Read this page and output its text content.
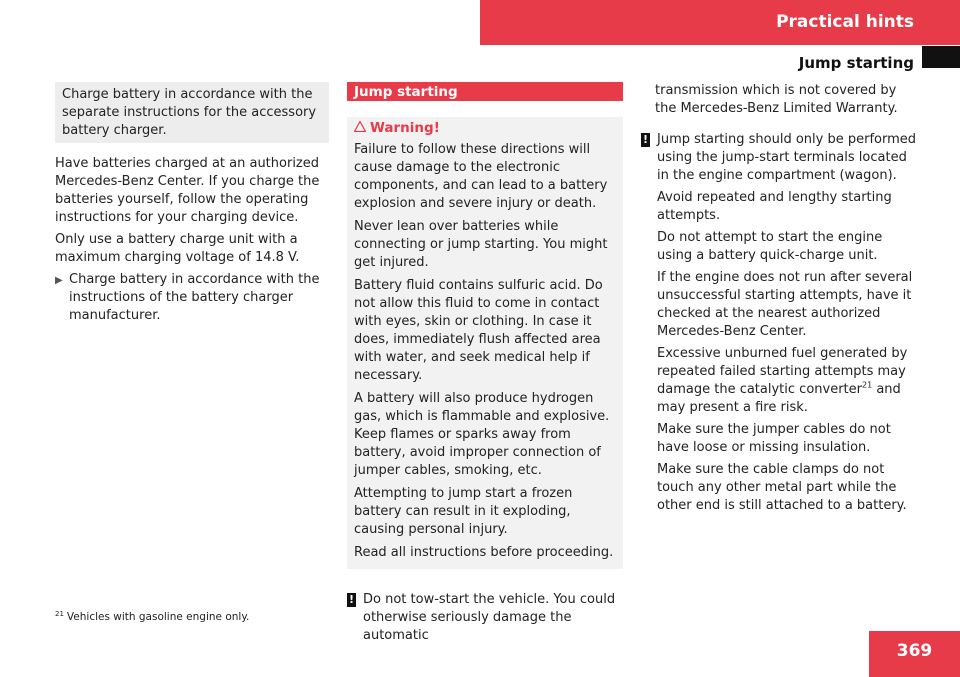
Practical hints
Jump starting
Charge battery in accordance with the separate instructions for the accessory battery charger.

Have batteries charged at an authorized Mercedes-Benz Center. If you charge the batteries yourself, follow the operating instructions for your charging device.

Only use a battery charge unit with a maximum charging voltage of 14.8 V.

▶ Charge battery in accordance with the instructions of the battery charger manufacturer.
Jump starting
Warning!

Failure to follow these directions will cause damage to the electronic components, and can lead to a battery explosion and severe injury or death.

Never lean over batteries while connecting or jump starting. You might get injured.

Battery fluid contains sulfuric acid. Do not allow this fluid to come in contact with eyes, skin or clothing. In case it does, immediately flush affected area with water, and seek medical help if necessary.

A battery will also produce hydrogen gas, which is flammable and explosive. Keep flames or sparks away from battery, avoid improper connection of jumper cables, smoking, etc.

Attempting to jump start a frozen battery can result in it exploding, causing personal injury.

Read all instructions before proceeding.

! Do not tow-start the vehicle. You could otherwise seriously damage the automatic
transmission which is not covered by the Mercedes-Benz Limited Warranty.
! Jump starting should only be performed using the jump-start terminals located in the engine compartment (wagon).

Avoid repeated and lengthy starting attempts.

Do not attempt to start the engine using a battery quick-charge unit.

If the engine does not run after several unsuccessful starting attempts, have it checked at the nearest authorized Mercedes-Benz Center.

Excessive unburned fuel generated by repeated failed starting attempts may damage the catalytic converter$^{21}$ and may present a fire risk.

Make sure the jumper cables do not have loose or missing insulation.

Make sure the cable clamps do not touch any other metal part while the other end is still attached to a battery.

$^{21}$ Vehicles with gasoline engine only.
369
